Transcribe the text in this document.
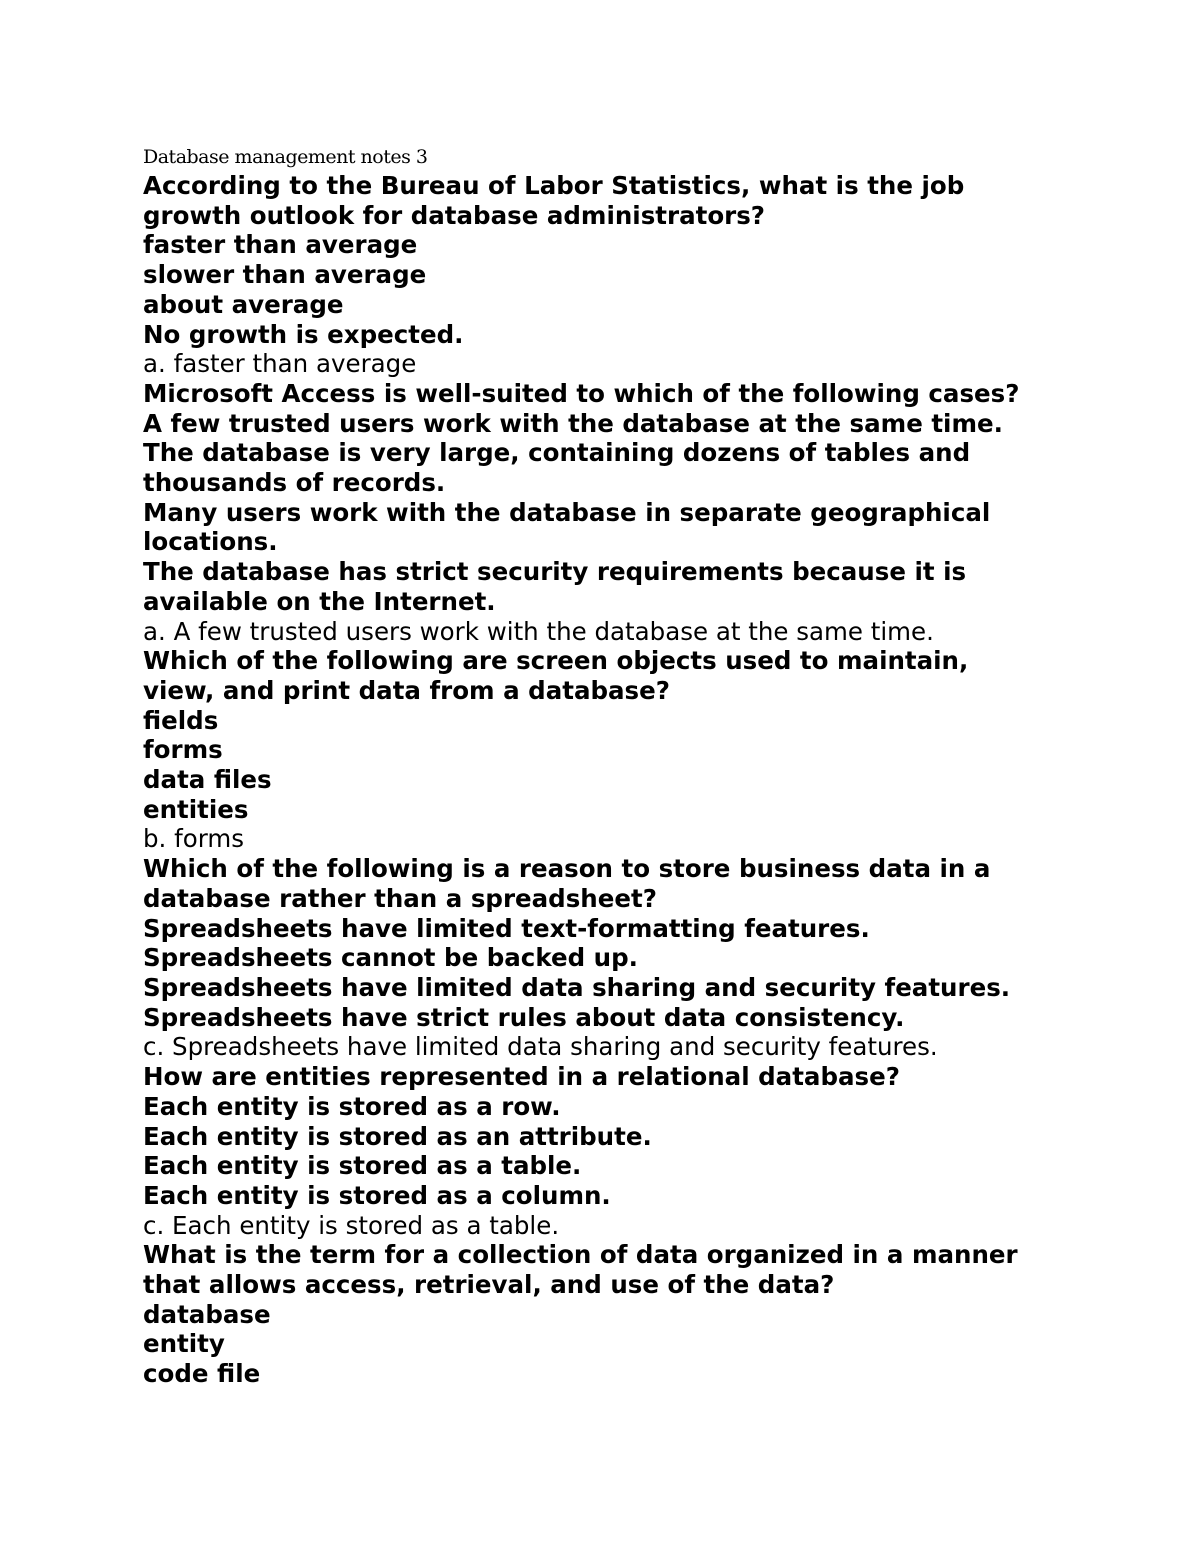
Database management notes 3
According to the Bureau of Labor Statistics, what is the job
growth outlook for database administrators?
faster than average
slower than average
about average
No growth is expected.
a. faster than average
Microsoft Access is well-suited to which of the following cases?
A few trusted users work with the database at the same time.
The database is very large, containing dozens of tables and
thousands of records.
Many users work with the database in separate geographical
locations.
The database has strict security requirements because it is
available on the Internet.
a. A few trusted users work with the database at the same time.
Which of the following are screen objects used to maintain,
view, and print data from a database?
fields
forms
data files
entities
b. forms
Which of the following is a reason to store business data in a
database rather than a spreadsheet?
Spreadsheets have limited text-formatting features.
Spreadsheets cannot be backed up.
Spreadsheets have limited data sharing and security features.
Spreadsheets have strict rules about data consistency.
c. Spreadsheets have limited data sharing and security features.
How are entities represented in a relational database?
Each entity is stored as a row.
Each entity is stored as an attribute.
Each entity is stored as a table.
Each entity is stored as a column.
c. Each entity is stored as a table.
What is the term for a collection of data organized in a manner
that allows access, retrieval, and use of the data?
database
entity
code file
